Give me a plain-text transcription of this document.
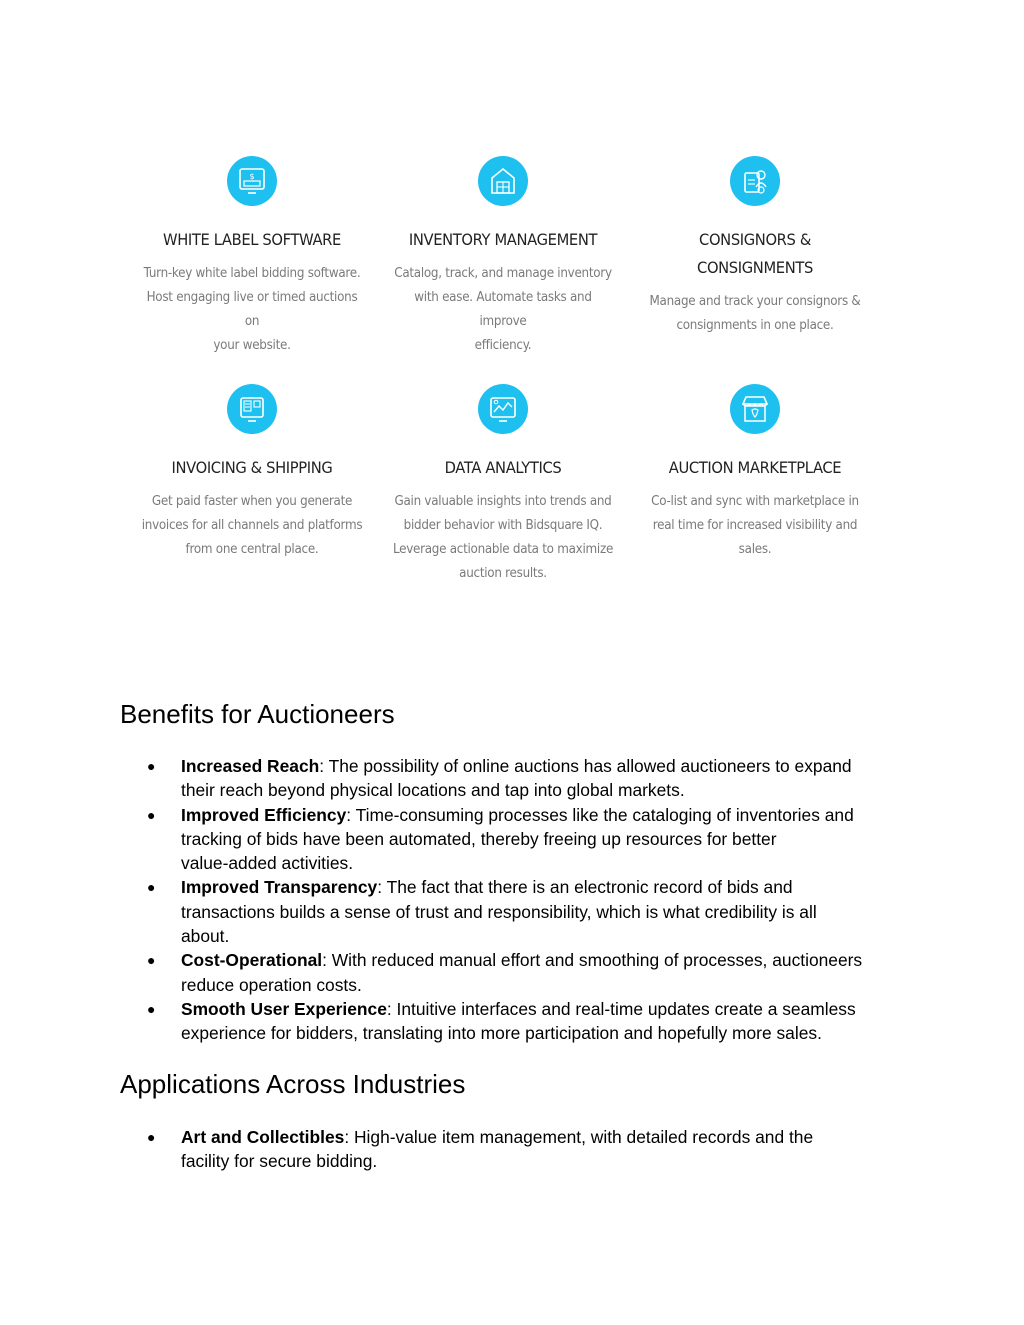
$
WHITE LABEL SOFTWARE
Turn-key white label bidding software.
Host engaging live or timed auctions on
your website.
INVENTORY MANAGEMENT
Catalog, track, and manage inventory
with ease. Automate tasks and improve
efficiency.
CONSIGNORS &
CONSIGNMENTS
Manage and track your consignors &
consignments in one place.
INVOICING & SHIPPING
Get paid faster when you generate
invoices for all channels and platforms
from one central place.
DATA ANALYTICS
Gain valuable insights into trends and
bidder behavior with Bidsquare IQ.
Leverage actionable data to maximize
auction results.
AUCTION MARKETPLACE
Co-list and sync with marketplace in
real time for increased visibility and
sales.
Benefits for Auctioneers
● Increased Reach: The possibility of online auctions has allowed auctioneers to expand
their reach beyond physical locations and tap into global markets.
● Improved Efficiency: Time-consuming processes like the cataloging of inventories and
tracking of bids have been automated, thereby freeing up resources for better
value-added activities.
● Improved Transparency: The fact that there is an electronic record of bids and
transactions builds a sense of trust and responsibility, which is what credibility is all
about.
● Cost-Operational: With reduced manual effort and smoothing of processes, auctioneers
reduce operation costs.
● Smooth User Experience: Intuitive interfaces and real-time updates create a seamless
experience for bidders, translating into more participation and hopefully more sales.
Applications Across Industries
● Art and Collectibles: High-value item management, with detailed records and the
facility for secure bidding.
